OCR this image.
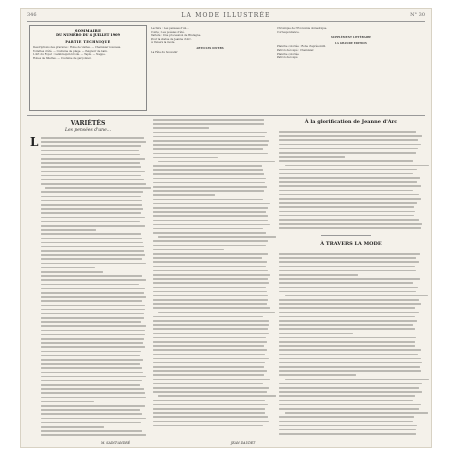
346	LA MODE ILLUSTRÉE	N° 30
SOMMAIRE
DU NUMÉRO DU 4 JUILLET 1909
PARTIE TECHNIQUE
Descriptions des gravures : Robe de visites. — Chemisier nouveau.
Toilettes d'été. — Costume de plage. — Peignoir de bain.
L'Art du Foyer : Lambrequin brodé. — Tapis. — Nappe.
Robes de fillettes. — Costume de garçonnet.
Lecture : Les pensées d'un...
Conte : Les poésies d'été.
Variété : Une procession de Bretagne.
Pour la statue de Jeanne d'Arc.
À travers la mode.
ARTICLES DIVERS
La Fête du Souvenir
Chronique de l'Économie domestique.
Correspondance.
SUPPLÉMENT LITTÉRAIRE
LA GRANDE EDITION
Planche coloriée : Robe d'après-midi.
Patron découpé : Chemisier.
Planche coloriée
Patron découpé
VARIÉTÉS
Les pensées d'une...
L
M. SAINT-ANDRÉ	JEAN DAUDET
À la glorification de Jeanne d'Arc
À TRAVERS LA MODE
